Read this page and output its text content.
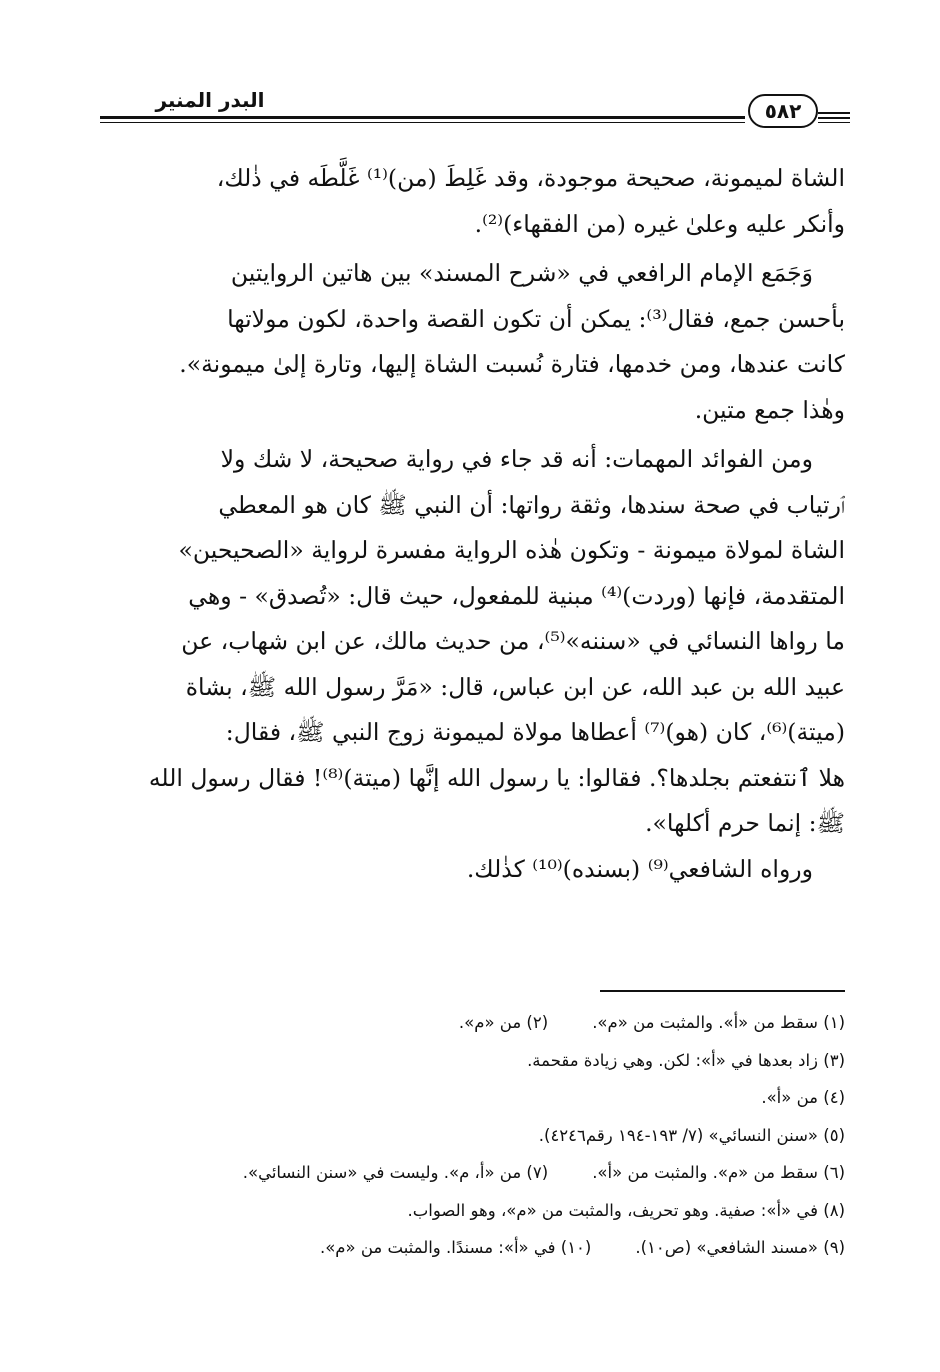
البدر المنير	٥٨٢

الشاة لميمونة، صحيحة موجودة، وقد غَلِطَ (من)⁽¹⁾ غَلَّطَه في ذٰلك،

وأنكر عليه وعلىٰ غيره (من الفقهاء)⁽²⁾.

وَجَمَع الإمام الرافعي في «شرح المسند» بين هاتين الروايتين

بأحسن جمع، فقال⁽³⁾: يمكن أن تكون القصة واحدة، لكون مولاتها

كانت عندها، ومن خدمها، فتارة نُسبت الشاة إليها، وتارة إلىٰ ميمونة».

وهٰذا جمع متين.

ومن الفوائد المهمات: أنه قد جاء في رواية صحيحة، لا شك ولا

ٱرتياب في صحة سندها، وثقة رواتها: أن النبي ﷺ كان هو المعطي

الشاة لمولاة ميمونة - وتكون هٰذه الرواية مفسرة لرواية «الصحيحين»

المتقدمة، فإنها (وردت)⁽⁴⁾ مبنية للمفعول، حيث قال: «تُصدق» - وهي

ما رواها النسائي في «سننه»⁽⁵⁾، من حديث مالك، عن ابن شهاب، عن

عبيد الله بن عبد الله، عن ابن عباس، قال: «مَرَّ رسول الله ﷺ، بشاة

(ميتة)⁽⁶⁾، كان (هو)⁽⁷⁾ أعطاها مولاة لميمونة زوج النبي ﷺ، فقال:

هلا ٱنتفعتم بجلدها؟. فقالوا: يا رسول الله إنَّها (ميتة)⁽⁸⁾! فقال رسول الله

ﷺ: إنما حرم أكلها».

ورواه الشافعي⁽⁹⁾ (بسنده)⁽¹⁰⁾ كذٰلك.

(١) سقط من «أ». والمثبت من «م».(٢) من «م».

(٣) زاد بعدها في «أ»: لكن. وهي زيادة مقحمة.

(٤) من «أ».

(٥) «سنن النسائي» (٧/ ١٩٣-١٩٤ رقم٤٢٤٦).

(٦) سقط من «م». والمثبت من «أ».(٧) من «أ، م». وليست في «سنن النسائي».

(٨) في «أ»: صفية. وهو تحريف، والمثبت من «م»، وهو الصواب.

(٩) «مسند الشافعي» (ص١٠).(١٠) في «أ»: مسندًا. والمثبت من «م».
